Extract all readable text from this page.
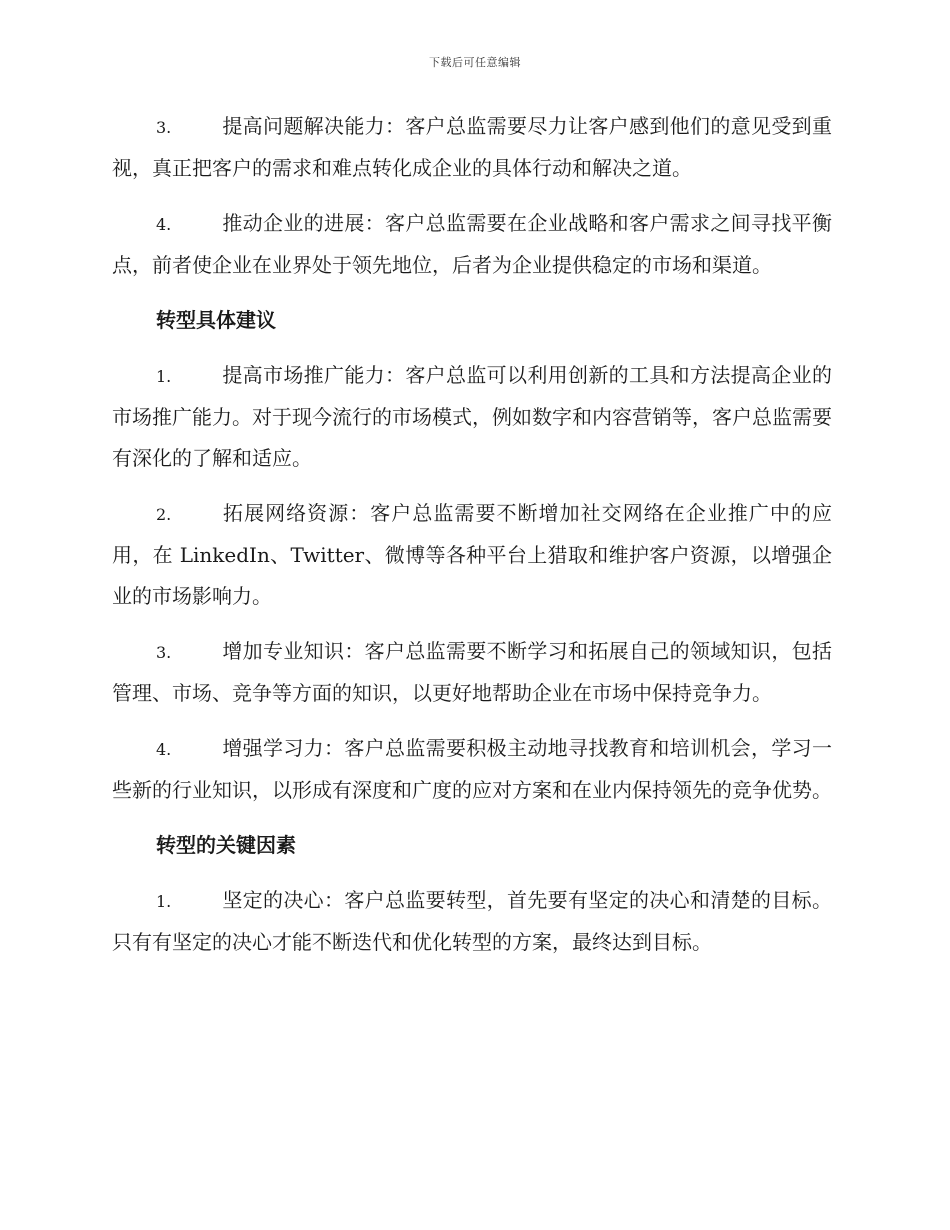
下载后可任意编辑

3.	提高问题解决能力：客户总监需要尽力让客户感到他们的意见受到重视，真正把客户的需求和难点转化成企业的具体行动和解决之道。

4.	推动企业的进展：客户总监需要在企业战略和客户需求之间寻找平衡点，前者使企业在业界处于领先地位，后者为企业提供稳定的市场和渠道。

转型具体建议

1.	提高市场推广能力：客户总监可以利用创新的工具和方法提高企业的市场推广能力。对于现今流行的市场模式，例如数字和内容营销等，客户总监需要有深化的了解和适应。

2.	拓展网络资源：客户总监需要不断增加社交网络在企业推广中的应用，在 LinkedIn、Twitter、微博等各种平台上猎取和维护客户资源，以增强企业的市场影响力。

3.	增加专业知识：客户总监需要不断学习和拓展自己的领域知识，包括管理、市场、竞争等方面的知识，以更好地帮助企业在市场中保持竞争力。

4.	增强学习力：客户总监需要积极主动地寻找教育和培训机会，学习一些新的行业知识，以形成有深度和广度的应对方案和在业内保持领先的竞争优势。

转型的关键因素

1.	坚定的决心：客户总监要转型，首先要有坚定的决心和清楚的目标。只有有坚定的决心才能不断迭代和优化转型的方案，最终达到目标。
